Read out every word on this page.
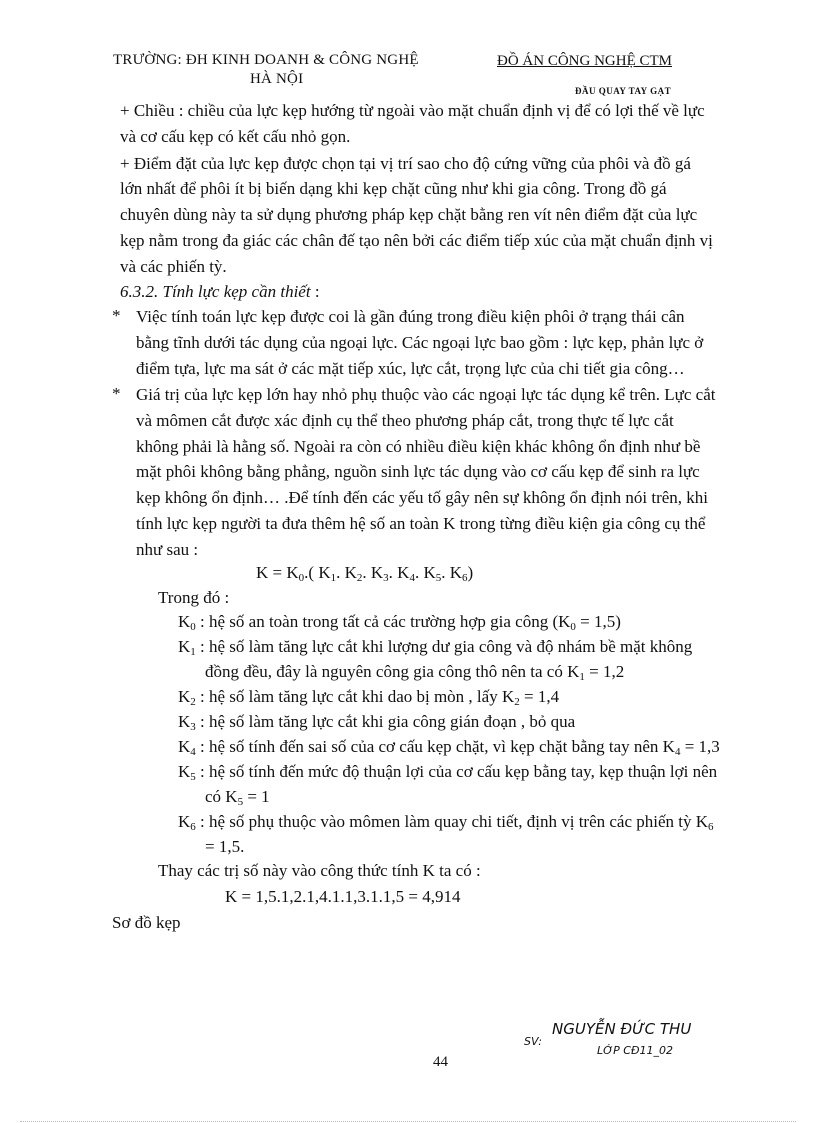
TRƯỜNG: ĐH KINH DOANH & CÔNG NGHỆ
HÀ NỘI
ĐỒ ÁN CÔNG NGHỆ CTM
ĐẦU QUAY TAY GẠT
+ Chiều : chiều của lực kẹp hướng từ ngoài vào mặt chuẩn định vị để có lợi thế về lực
và cơ cấu kẹp có kết cấu nhỏ gọn.
+ Điểm đặt của lực kẹp được chọn tại vị trí sao cho độ cứng vững của phôi và đồ gá
lớn nhất để phôi ít bị biến dạng khi kẹp chặt cũng như khi gia công. Trong đồ gá
chuyên dùng này ta sử dụng phương pháp kẹp chặt bằng ren vít nên điểm đặt của lực
kẹp nằm trong đa giác các chân đế tạo nên bởi các điểm tiếp xúc của mặt chuẩn định vị
và các phiến tỳ.
6.3.2. Tính lực kẹp cần thiết :
* Việc tính toán lực kẹp được coi là gần đúng trong điều kiện phôi ở trạng thái cân
bằng tĩnh dưới tác dụng của ngoại lực. Các ngoại lực bao gồm : lực kẹp, phản lực ở
điểm tựa, lực ma sát ở các mặt tiếp xúc, lực cắt, trọng lực của chi tiết gia công…
* Giá trị của lực kẹp lớn hay nhỏ phụ thuộc vào các ngoại lực tác dụng kể trên. Lực cắt
và mômen cắt được xác định cụ thể theo phương pháp cắt, trong thực tế lực cắt
không phải là hằng số. Ngoài ra còn có nhiều điều kiện khác không ổn định như bề
mặt phôi không bằng phẳng, nguồn sinh lực tác dụng vào cơ cấu kẹp để sinh ra lực
kẹp không ổn định… .Để tính đến các yếu tố gây nên sự không ổn định nói trên, khi
tính lực kẹp người ta đưa thêm hệ số an toàn K trong từng điều kiện gia công cụ thể
như sau :
$K = K_0$.( $K_1$. $K_2$. $K_3$. $K_4$. $K_5$. $K_6$)
Trong đó :
$K_0$ : hệ số an toàn trong tất cả các trường hợp gia công $(K_0 = 1,5)$
$K_1$ : hệ số làm tăng lực cắt khi lượng dư gia công và độ nhám bề mặt không
đồng đều, đây là nguyên công gia công thô nên ta có $K_1 = 1,2$
$K_2$ : hệ số làm tăng lực cắt khi dao bị mòn , lấy $K_2 = 1,4$
$K_3$ : hệ số làm tăng lực cắt khi gia công gián đoạn , bỏ qua
$K_4$ : hệ số tính đến sai số của cơ cấu kẹp chặt, vì kẹp chặt bằng tay nên $K_4 = 1,3$
$K_5$ : hệ số tính đến mức độ thuận lợi của cơ cấu kẹp bằng tay, kẹp thuận lợi nên
có $K_5 = 1$
$K_6$ : hệ số phụ thuộc vào mômen làm quay chi tiết, định vị trên các phiến tỳ $K_6$
= 1,5.
Thay các trị số này vào công thức tính K ta có :
K = 1,5.1,2.1,4.1.1,3.1.1,5 = 4,914
Sơ đồ kẹp
SV:
NGUYỄN ĐỨC THU
LỚP CĐ11_02
44
